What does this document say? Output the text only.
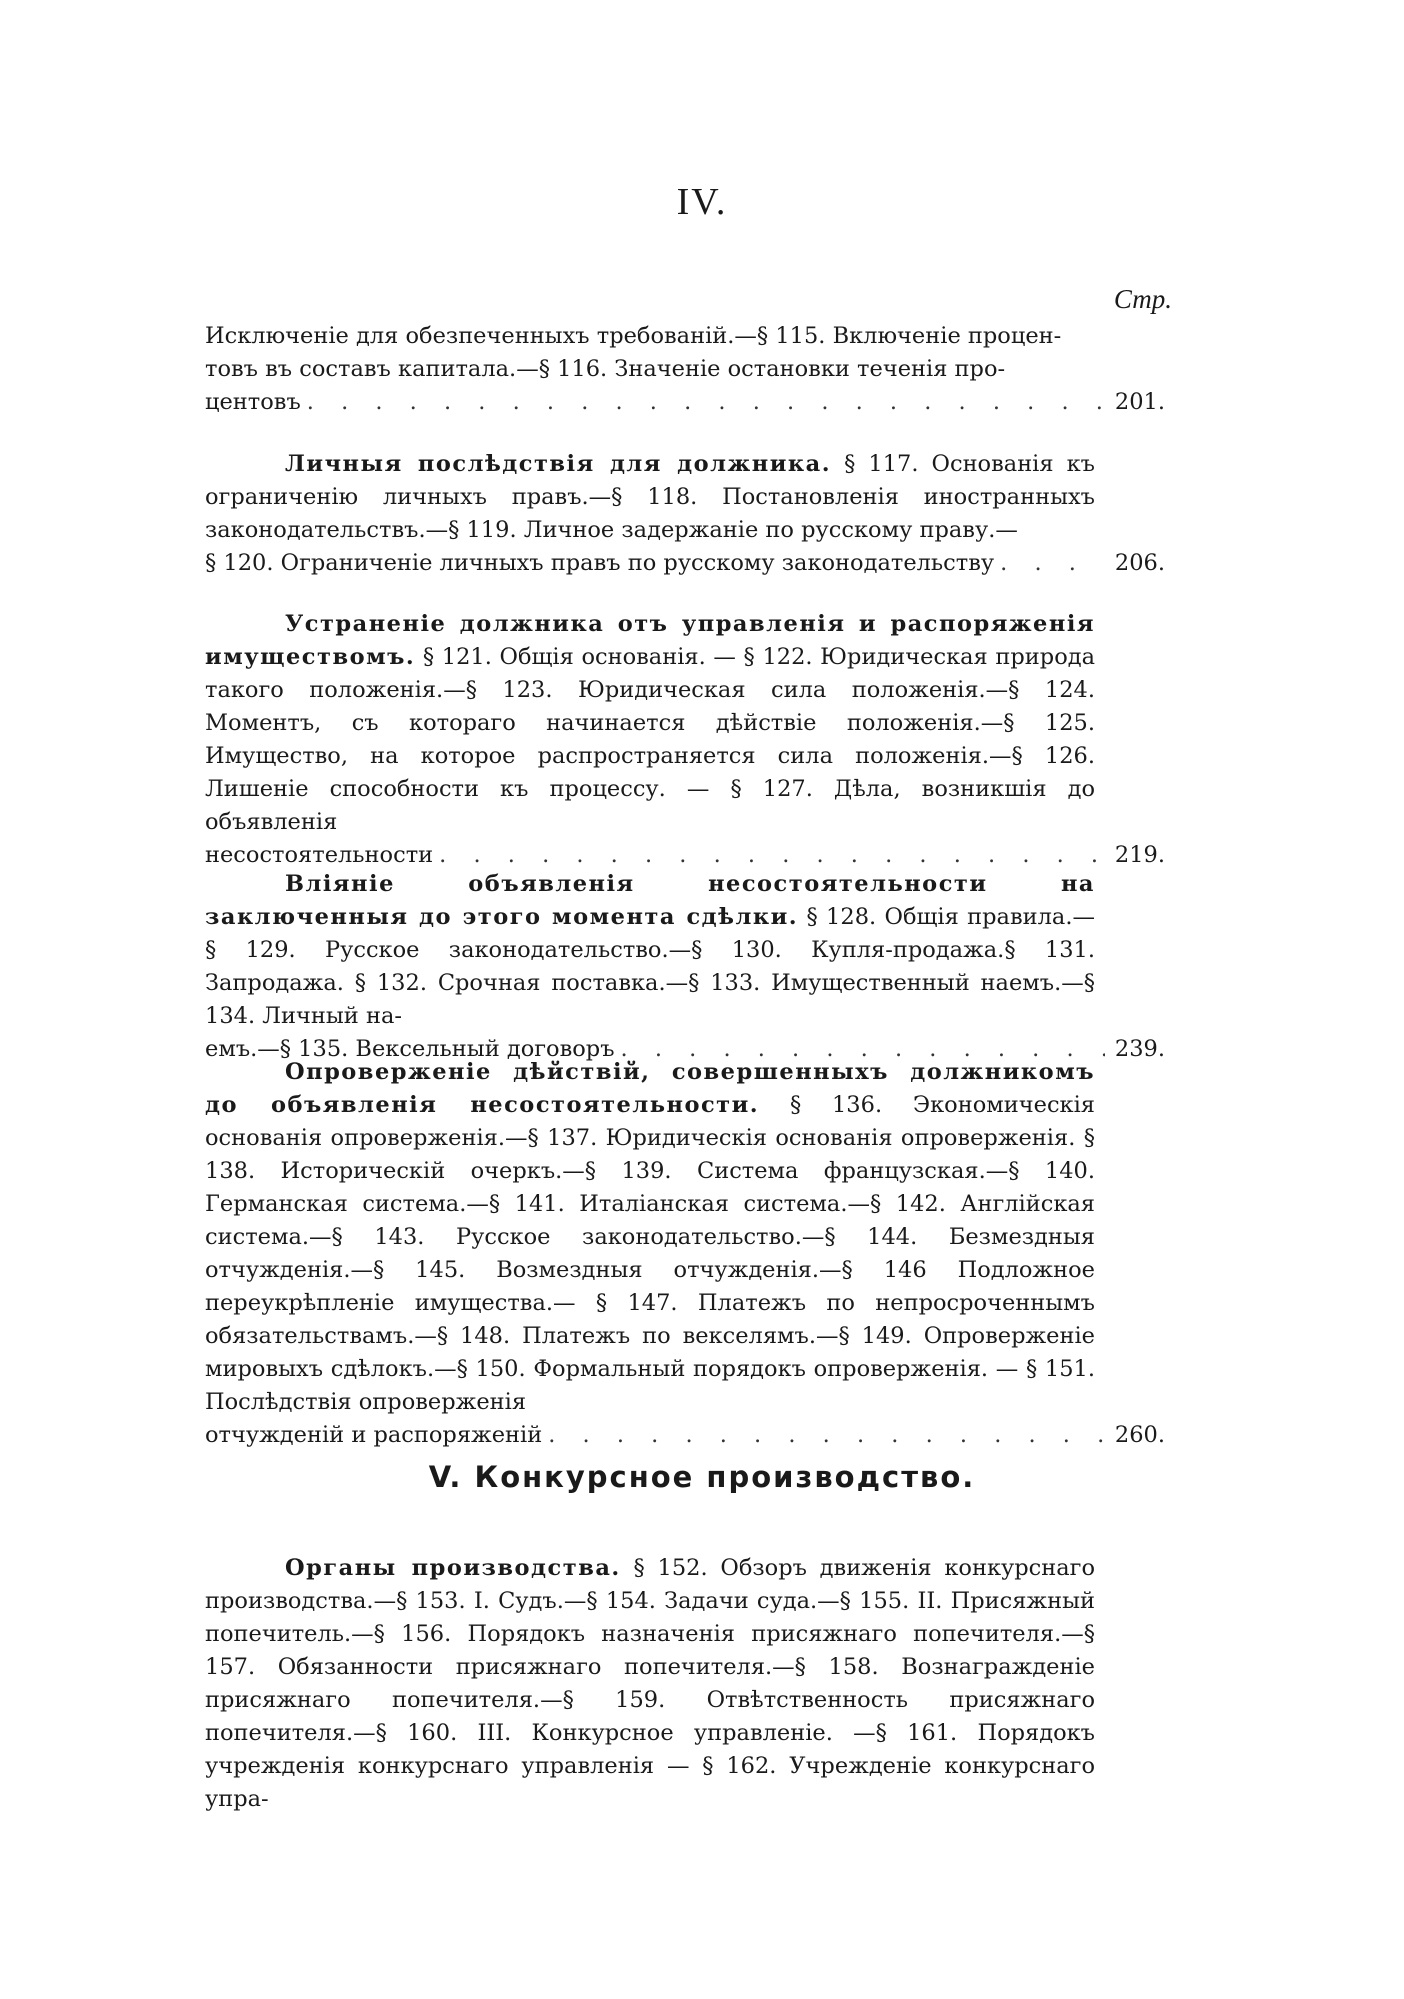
IV.
Стр.
Исключеніе для обезпеченныхъ требованій.—§ 115. Включеніе процен-
товъ въ составъ капитала.—§ 116. Значеніе остановки теченія про-
центовъ . . .	201.
Личныя послѣдствія для должника. § 117. Основанія къ ограниченію личныхъ правъ.—§ 118. Постановленія иностранныхъ законодательствъ.—§ 119. Личное задержаніе по русскому праву.—
§ 120. Ограниченіе личныхъ правъ по русскому законодательству . . .	206.
Устраненіе должника отъ управленія и распоряженія имуществомъ. § 121. Общія основанія. — § 122. Юридическая природа такого положенія.—§ 123. Юридическая сила положенія.—§ 124. Моментъ, съ котораго начинается дѣйствіе положенія.—§ 125. Имущество, на которое распространяется сила положенія.—§ 126. Лишеніе способности къ процессу. — § 127. Дѣла, возникшія до объявленія
несостоятельности . . .	219.
Вліяніе объявленія несостоятельности на заключенныя до этого момента сдѣлки. § 128. Общія правила.—§ 129. Русское законодательство.—§ 130. Купля-продажа.§ 131. Запродажа. § 132. Срочная поставка.—§ 133. Имущественный наемъ.—§ 134. Личный на-
емъ.—§ 135. Вексельный договоръ . . .	239.
Опроверженіе дѣйствій, совершенныхъ должникомъ до объявленія несостоятельности. § 136. Экономическія основанія опроверженія.—§ 137. Юридическія основанія опроверженія. § 138. Историческій очеркъ.—§ 139. Система французская.—§ 140. Германская система.—§ 141. Италіанская система.—§ 142. Англійская система.—§ 143. Русское законодательство.—§ 144. Безмездныя отчужденія.—§ 145. Возмездныя отчужденія.—§ 146 Подложное переукрѣпленіе имущества.— § 147. Платежъ по непросроченнымъ обязательствамъ.—§ 148. Платежъ по векселямъ.—§ 149. Опроверженіе мировыхъ сдѣлокъ.—§ 150. Формальный порядокъ опроверженія. — § 151. Послѣдствія опроверженія
отчужденій и распоряженій . . .	260.
V. Конкурсное производство.
Органы производства. § 152. Обзоръ движенія конкурснаго производства.—§ 153. I. Судъ.—§ 154. Задачи суда.—§ 155. II. Присяжный попечитель.—§ 156. Порядокъ назначенія присяжнаго попечителя.—§ 157. Обязанности присяжнаго попечителя.—§ 158. Вознагражденіе присяжнаго попечителя.—§ 159. Отвѣтственность присяжнаго попечителя.—§ 160. III. Конкурсное управленіе. —§ 161. Порядокъ учрежденія конкурснаго управленія — § 162. Учрежденіе конкурснаго упра-
